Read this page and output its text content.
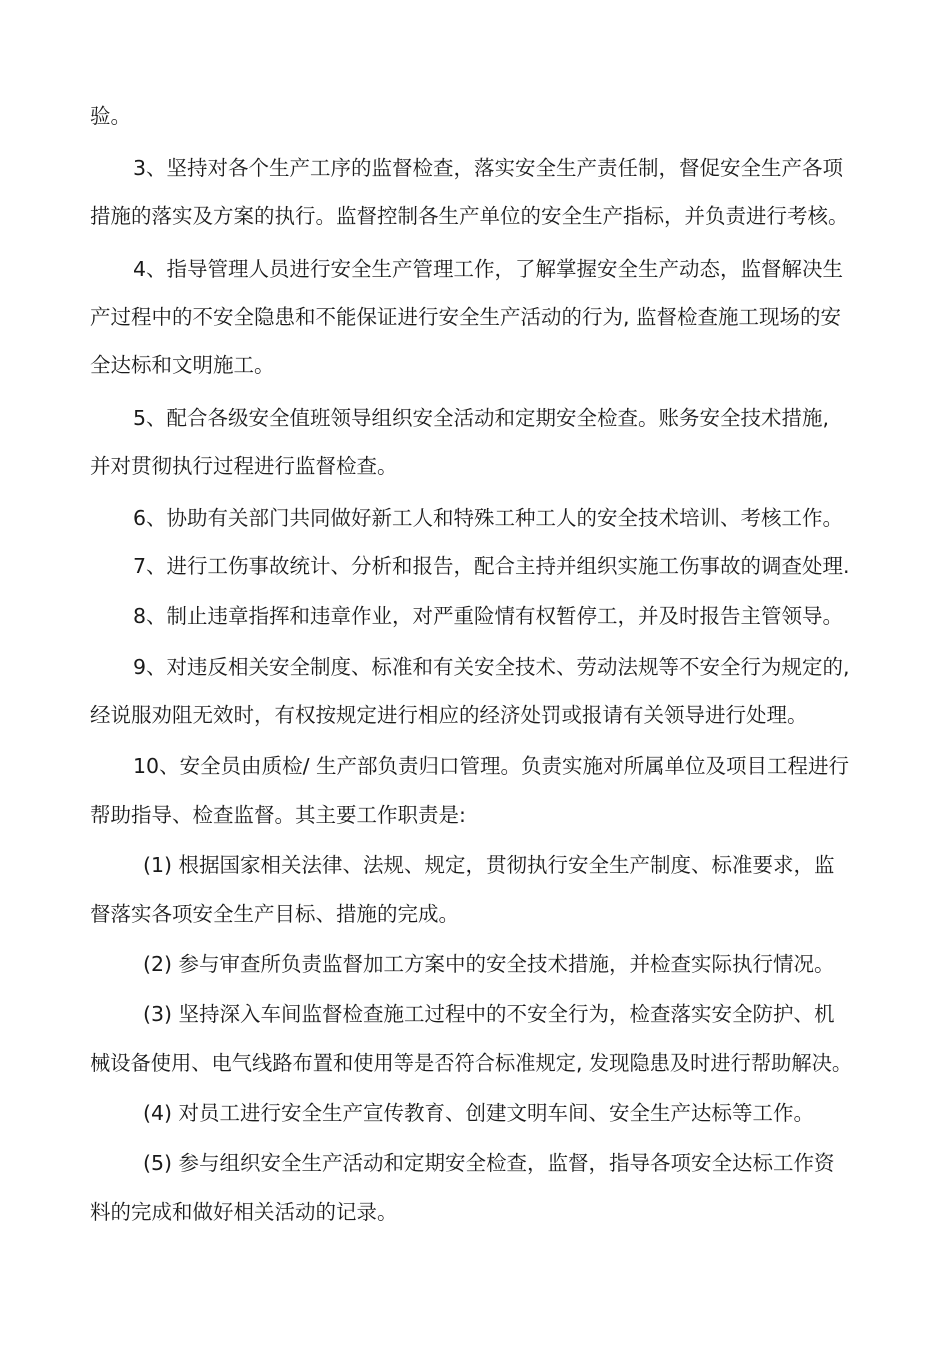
验。
3、坚持对各个生产工序的监督检查，落实安全生产责任制，督促安全生产各项
措施的落实及方案的执行。监督控制各生产单位的安全生产指标，并负责进行考核。
4、指导管理人员进行安全生产管理工作，了解掌握安全生产动态，监督解决生
产过程中的不安全隐患和不能保证进行安全生产活动的行为, 监督检查施工现场的安
全达标和文明施工。
5、配合各级安全值班领导组织安全活动和定期安全检查。账务安全技术措施,
并对贯彻执行过程进行监督检查。
6、协助有关部门共同做好新工人和特殊工种工人的安全技术培训、考核工作。
7、进行工伤事故统计、分析和报告，配合主持并组织实施工伤事故的调查处理.
8、制止违章指挥和违章作业，对严重险情有权暂停工，并及时报告主管领导。
9、对违反相关安全制度、标准和有关安全技术、劳动法规等不安全行为规定的,
经说服劝阻无效时，有权按规定进行相应的经济处罚或报请有关领导进行处理。
10、安全员由质检/ 生产部负责归口管理。负责实施对所属单位及项目工程进行
帮助指导、检查监督。其主要工作职责是:
(1) 根据国家相关法律、法规、规定，贯彻执行安全生产制度、标准要求，监
督落实各项安全生产目标、措施的完成。
(2) 参与审查所负责监督加工方案中的安全技术措施，并检查实际执行情况。
(3) 坚持深入车间监督检查施工过程中的不安全行为，检查落实安全防护、机
械设备使用、电气线路布置和使用等是否符合标准规定, 发现隐患及时进行帮助解决。
(4) 对员工进行安全生产宣传教育、创建文明车间、安全生产达标等工作。
(5) 参与组织安全生产活动和定期安全检查，监督，指导各项安全达标工作资
料的完成和做好相关活动的记录。
